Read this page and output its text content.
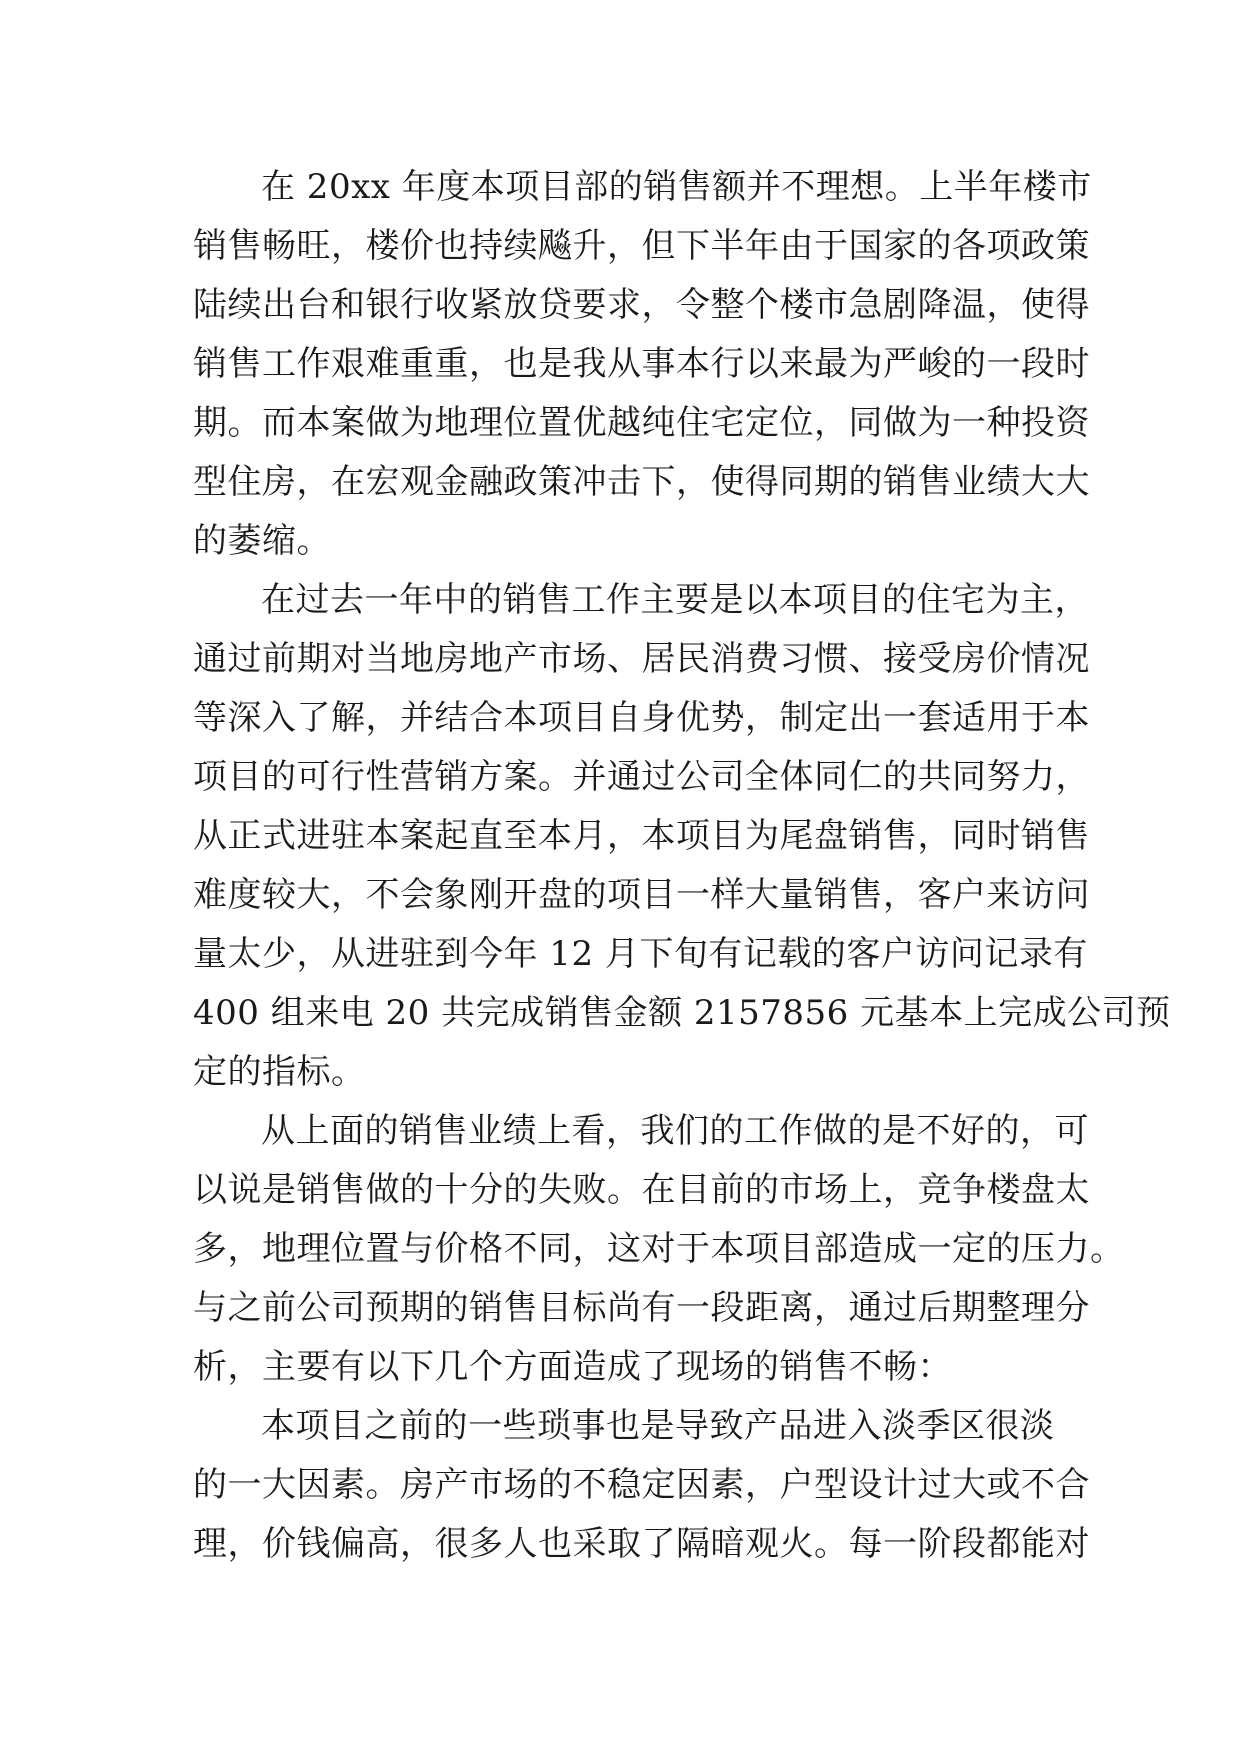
在 20xx 年度本项目部的销售额并不理想。上半年楼市
销售畅旺，楼价也持续飚升，但下半年由于国家的各项政策
陆续出台和银行收紧放贷要求，令整个楼市急剧降温，使得
销售工作艰难重重，也是我从事本行以来最为严峻的一段时
期。而本案做为地理位置优越纯住宅定位，同做为一种投资
型住房，在宏观金融政策冲击下，使得同期的销售业绩大大
的萎缩。
在过去一年中的销售工作主要是以本项目的住宅为主，
通过前期对当地房地产市场、居民消费习惯、接受房价情况
等深入了解，并结合本项目自身优势，制定出一套适用于本
项目的可行性营销方案。并通过公司全体同仁的共同努力，
从正式进驻本案起直至本月，本项目为尾盘销售，同时销售
难度较大，不会象刚开盘的项目一样大量销售，客户来访问
量太少，从进驻到今年 12 月下旬有记载的客户访问记录有
400 组来电 20 共完成销售金额 2157856 元基本上完成公司预
定的指标。
从上面的销售业绩上看，我们的工作做的是不好的，可
以说是销售做的十分的失败。在目前的市场上，竞争楼盘太
多，地理位置与价格不同，这对于本项目部造成一定的压力。
与之前公司预期的销售目标尚有一段距离，通过后期整理分
析，主要有以下几个方面造成了现场的销售不畅：
本项目之前的一些琐事也是导致产品进入淡季区很淡
的一大因素。房产市场的不稳定因素，户型设计过大或不合
理，价钱偏高，很多人也采取了隔暗观火。每一阶段都能对
